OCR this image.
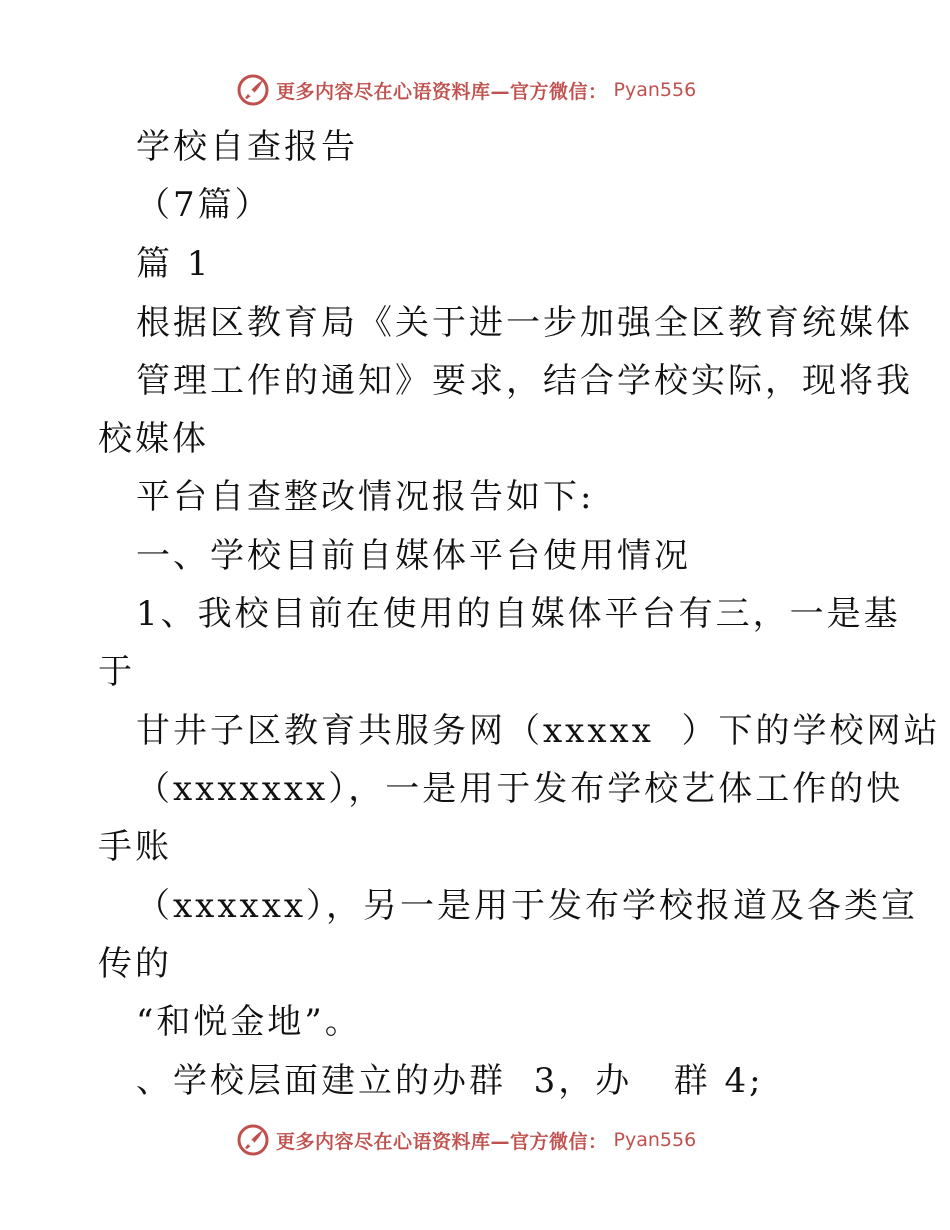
更多内容尽在心语资料库—官方微信： Pyan556
学校自查报告
（7篇）
篇 1
根据区教育局《关于进一步加强全区教育统媒体
管理工作的通知》要求，结合学校实际，现将我
校媒体
平台自查整改情况报告如下:
一、学校目前自媒体平台使用情况
1、我校目前在使用的自媒体平台有三，一是基
于
甘井子区教育共服务网（xxxxx  ）下的学校网站
（xxxxxxx），一是用于发布学校艺体工作的快
手账
（xxxxxx），另一是用于发布学校报道及各类宣
传的
“和悦金地”。
、学校层面建立的办群  3，办   群 4;
更多内容尽在心语资料库—官方微信： Pyan556
